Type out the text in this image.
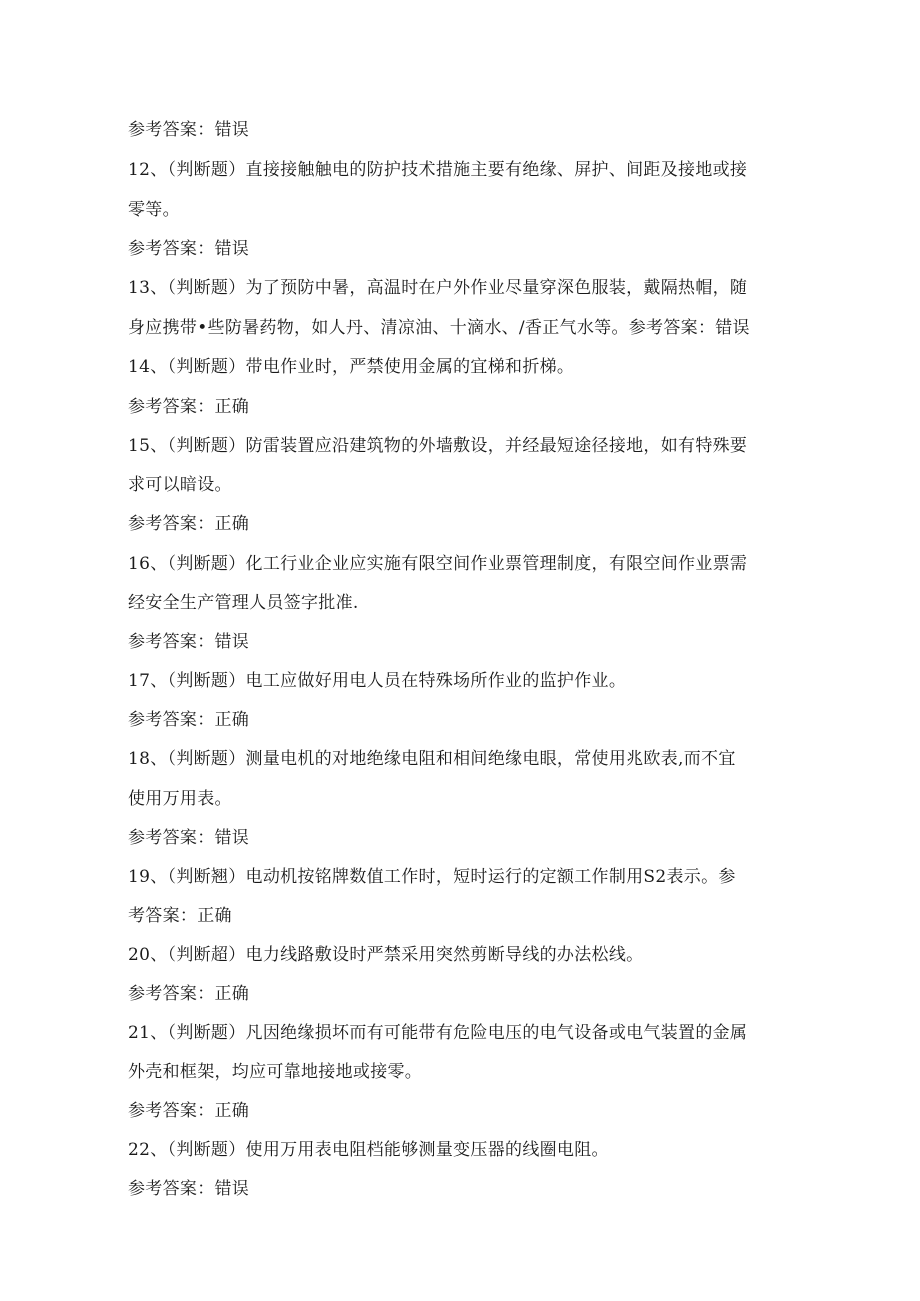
参考答案：错误
12、（判断题）直接接触触电的防护技术措施主要有绝缘、屏护、间距及接地或接
零等。
参考答案：错误
13、（判断题）为了预防中暑，高温时在户外作业尽量穿深色服装，戴隔热帽，随
身应携带•些防暑药物，如人丹、清凉油、十滴水、/香正气水等。参考答案：错误
14、（判断题）带电作业时，严禁使用金属的宜梯和折梯。
参考答案：正确
15、（判断题）防雷装置应沿建筑物的外墙敷设，并经最短途径接地，如有特殊要
求可以暗设。
参考答案：正确
16、（判断题）化工行业企业应实施有限空间作业票管理制度，有限空间作业票需
经安全生产管理人员签字批准.
参考答案：错误
17、（判断题）电工应做好用电人员在特殊场所作业的监护作业。
参考答案：正确
18、（判断题）测量电机的对地绝缘电阻和相间绝缘电眼，常使用兆欧表,而不宜
使用万用表。
参考答案：错误
19、（判断翘）电动机按铭牌数值工作时，短时运行的定额工作制用S2表示。参
考答案：正确
20、（判断超）电力线路敷设时严禁采用突然剪断导线的办法松线。
参考答案：正确
21、（判断题）凡因绝缘损坏而有可能带有危险电压的电气设备或电气装置的金属
外壳和框架，均应可靠地接地或接零。
参考答案：正确
22、（判断题）使用万用表电阻档能够测量变压器的线圈电阻。
参考答案：错误
